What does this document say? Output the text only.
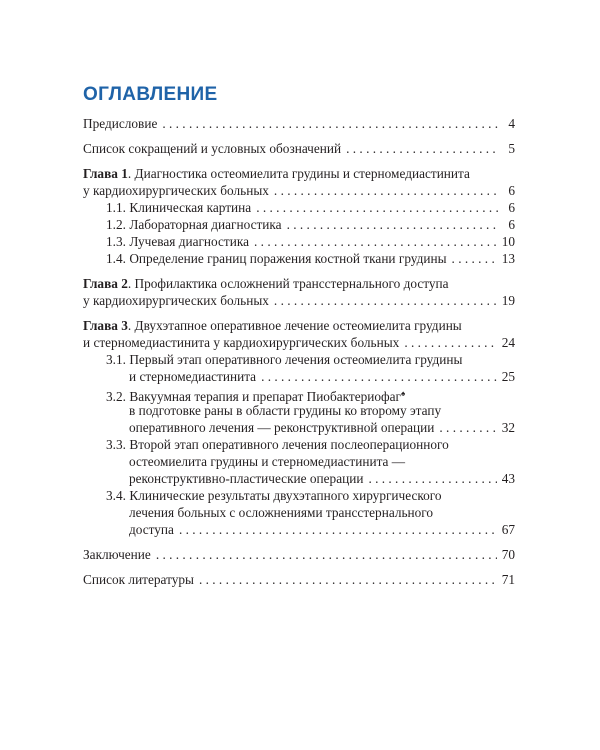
ОГЛАВЛЕНИЕ
Предисловие . . .	4
Список сокращений и условных обозначений . . .	5
Глава 1. Диагностика остеомиелита грудины и стерномедиастинита
у кардиохирургических больных . . .	6
1.1. Клиническая картина . . .	6
1.2. Лабораторная диагностика . . .	6
1.3. Лучевая диагностика . . .	10
1.4. Определение границ поражения костной ткани грудины . . .	13
Глава 2. Профилактика осложнений трансстернального доступа
у кардиохирургических больных . . .	19
Глава 3. Двухэтапное оперативное лечение остеомиелита грудины
и стерномедиастинита у кардиохирургических больных . . .	24
3.1. Первый этап оперативного лечения остеомиелита грудины
и стерномедиастинита . . .	25
3.2. Вакуумная терапия и препарат Пиобактериофаг♠
в подготовке раны в области грудины ко второму этапу
оперативного лечения — реконструктивной операции . . .	32
3.3. Второй этап оперативного лечения послеоперационного
остеомиелита грудины и стерномедиастинита —
реконструктивно-пластические операции . . .	43
3.4. Клинические результаты двухэтапного хирургического
лечения больных с осложнениями трансстернального
доступа . . .	67
Заключение . . .	70
Список литературы . . .	71
